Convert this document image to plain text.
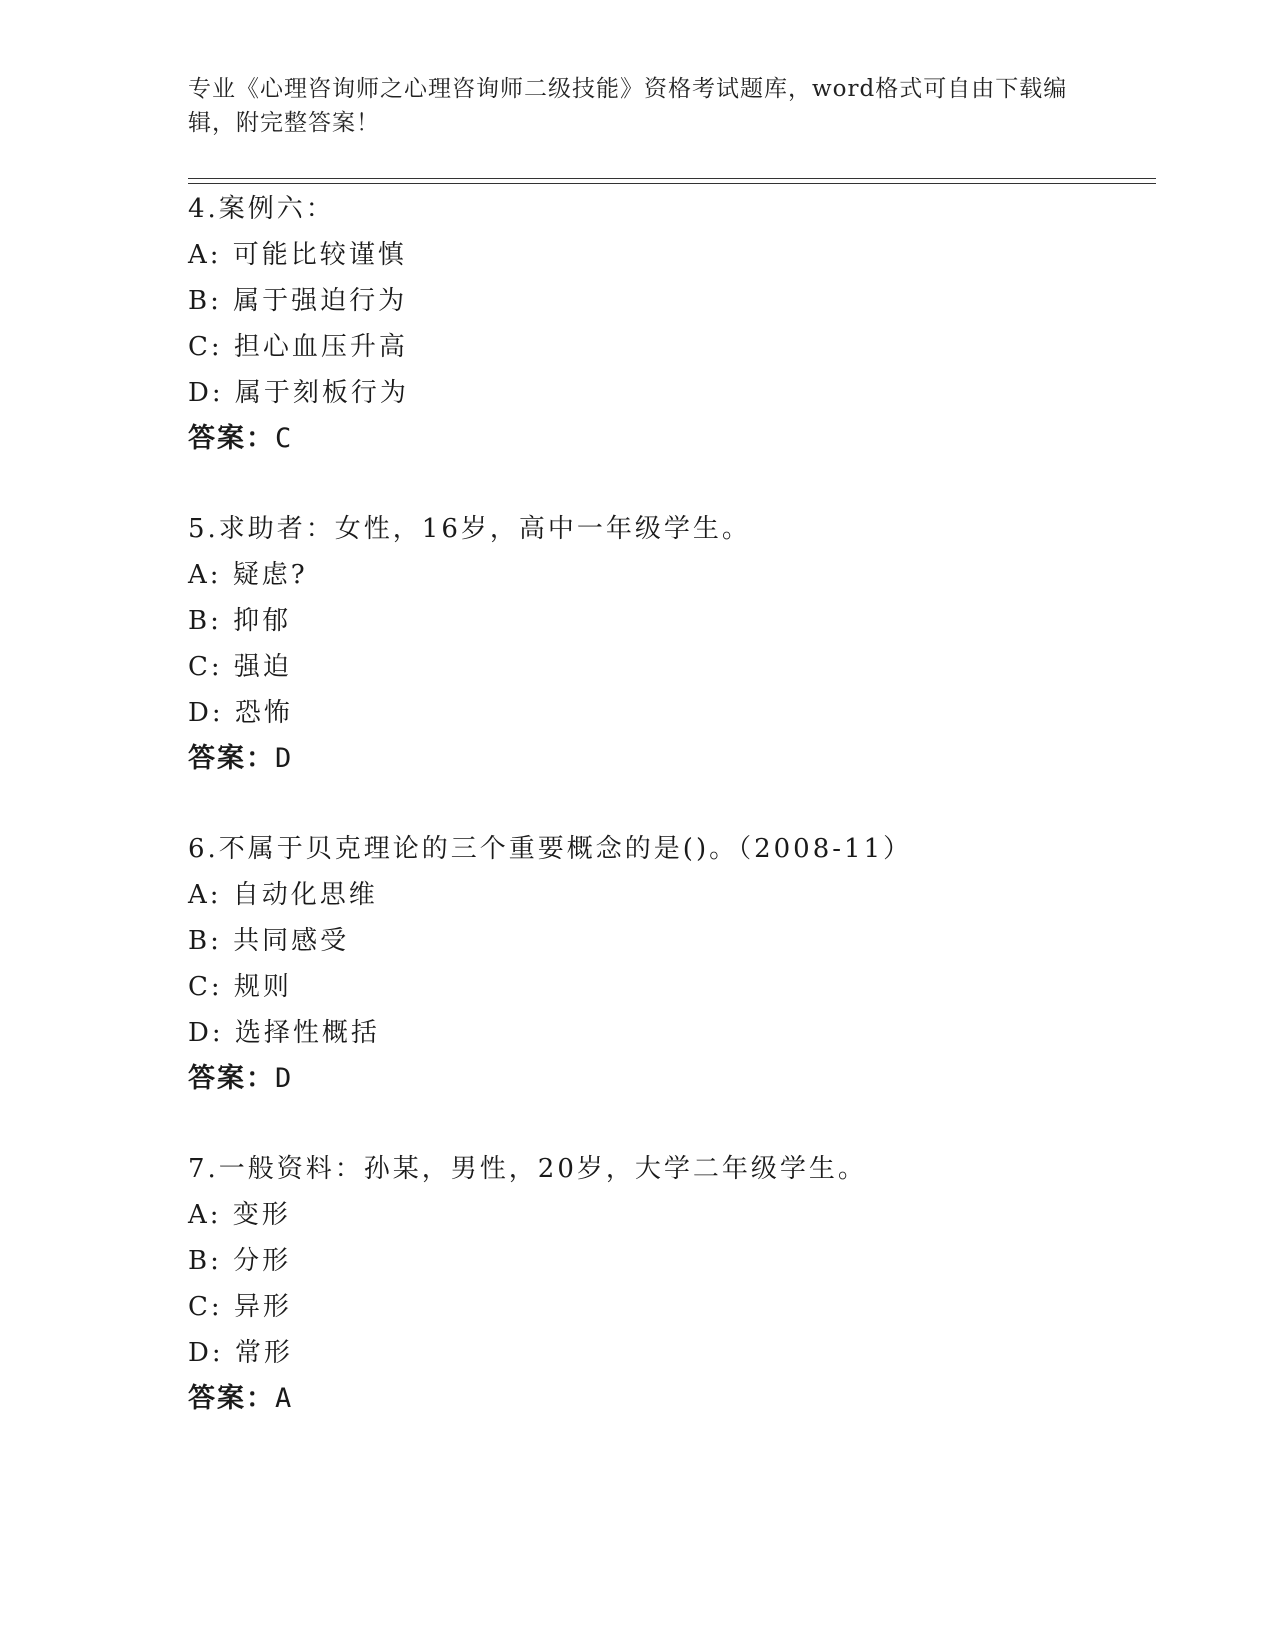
专业《心理咨询师之心理咨询师二级技能》资格考试题库，word格式可自由下载编辑，附完整答案！
4.案例六：
A: 可能比较谨慎
B: 属于强迫行为
C: 担心血压升高
D: 属于刻板行为
答案：C
5.求助者：女性，16岁，高中一年级学生。
A: 疑虑?
B: 抑郁
C: 强迫
D: 恐怖
答案：D
6.不属于贝克理论的三个重要概念的是()。（2008-11）
A: 自动化思维
B: 共同感受
C: 规则
D: 选择性概括
答案：D
7.一般资料：孙某，男性，20岁，大学二年级学生。
A: 变形
B: 分形
C: 异形
D: 常形
答案：A
